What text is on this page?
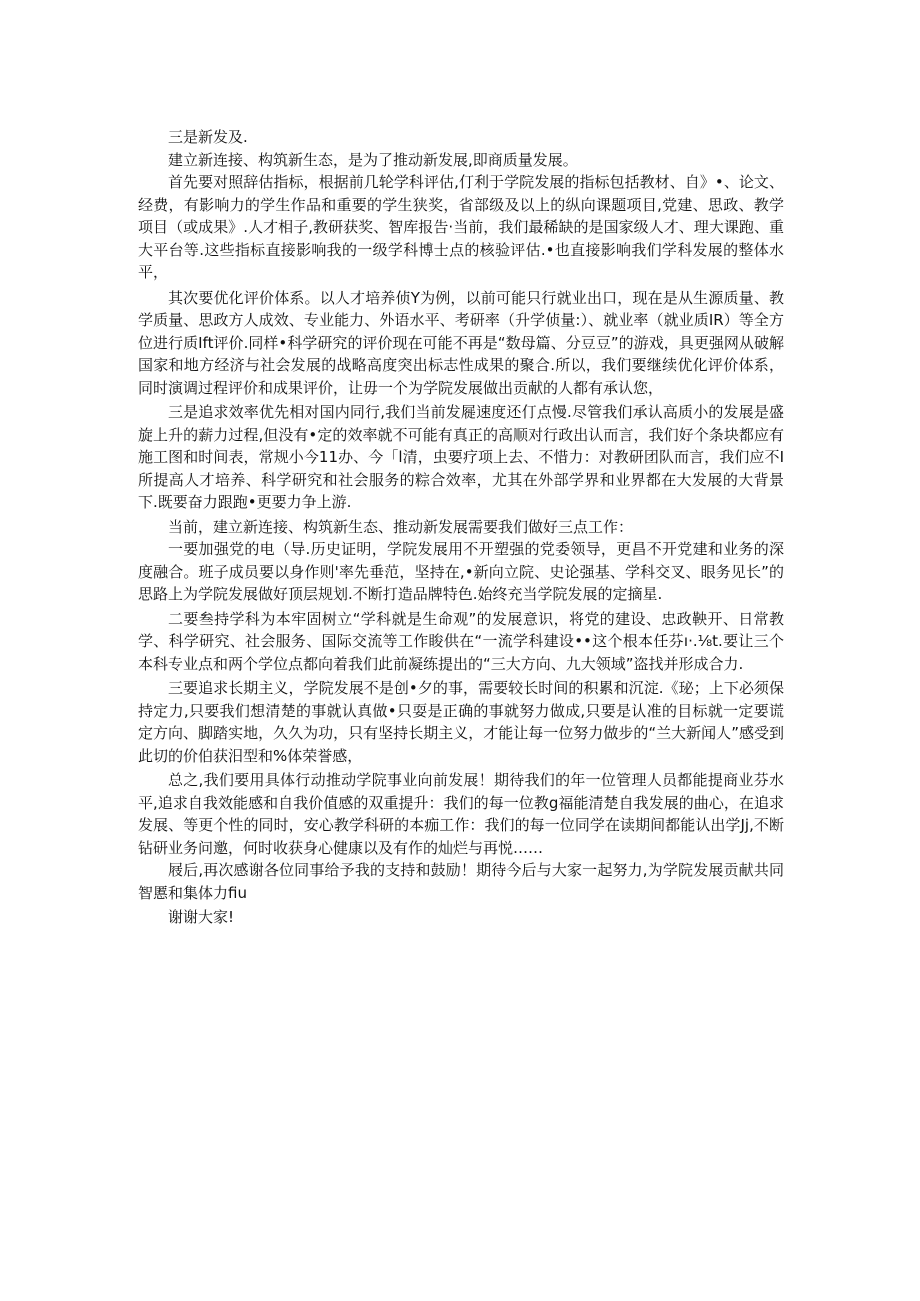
三是新发及.

建立新连接、构筑新生态，是为了推动新发展,即商质量发展。

首先要对照辞估指标，根据前几轮学科评估,仃利于学院发展的指标包括教材、自》•、论文、经费，有影响力的学生作品和重要的学生狭奖，省部级及以上的纵向课题项目,党建、思政、教学项目（或成果》.人才相子,教研获奖、智库报告·当前，我们最稀缺的是国家级人才、理大课跑、重大平台等.这些指标直接影响我的一级学科博士点的核验评估.•也直接影响我们学科发展的整体水平，

其次要优化评价体系。以人才培养侦Y为例，以前可能只行就业出口，现在是从生源质量、教学质量、思政方人成效、专业能力、外语水平、考研率（升学侦量:）、就业率（就业质IR）等全方位进行质Ift评价.同样•科学研究的评价现在可能不再是“数母篇、分豆豆”的游戏，具更强网从破解国家和地方经济与社会发展的战略高度突出标志性成果的聚合.所以，我们要继续优化评价体系，同时演调过程评价和成果评价，让毋一个为学院发展做出贡献的人都有承认您，

三是追求效率优先相对国内同行,我们当前发屣速度还仃点慢.尽管我们承认高质小的发展是盛旋上升的薪力过程,但没有•定的效率就不可能有真正的高顺对行政出认而言，我们好个条块都应有施工图和时间表，常规小今11办、今「l清，虫要疗项上去、不惜力：对教研团队而言，我们应不I所提高人才培养、科学研究和社会服务的粽合效率，尤其在外部学界和业界都在大发展的大背景下.既要奋力跟跑•更要力争上游.

当前，建立新连接、构筑新生态、推动新发展需要我们做好三点工作：

一要加强党的电（导.历史证明，学院发展用不开塑强的党委领导，更昌不开党建和业务的深度融合。班子成员要以身作则'率先垂范，坚持在,•新向立院、史论强基、学科交叉、眼务见长”的思路上为学院发展做好顶层规划.不断打造品牌特色.始终充当学院发展的定摘星.

二要叁持学科为本牢固树立“学科就是生命观”的发展意识，将党的建设、忠政鞅开、日常教学、科学研究、社会服务、国际交流等工作睃供在“一流学科建设••这个根本任芬ı·.⅛t.要让三个本科专业点和两个学位点都向着我们此前凝练提出的“三大方向、九大领域”盗找并形成合力.

三要追求长期主义，学院发展不是创•夕的事，需要较长时间的积累和沉淀.《珌；上下必须保持定力,只要我们想清楚的事就认真做•只耍是正确的事就努力做成,只要是认准的目标就一定要谎定方向、脚踏实地，久久为功，只有坚持长期主义，才能让每一位努力做步的“兰大新闻人”感受到此切的价伯获汨型和%体荣誉感，

总之,我们要用具体行动推动学院事业向前发展！期待我们的年一位管理人员都能提商业芬水平,追求自我效能感和自我价值感的双重提升：我们的每一位教g福能清楚自我发展的曲心，在追求发展、等更个性的同时，安心教学科研的本痂工作：我们的每一位同学在读期间都能认出学Jj,不断钻研业务问邀，何时收获身心健康以及有作的灿烂与再悦……

屐后,再次感谢各位同事给予我的支持和鼓励！期待今后与大家一起努力,为学院发展贡献共同智慝和集体力fiu

谢谢大家!
